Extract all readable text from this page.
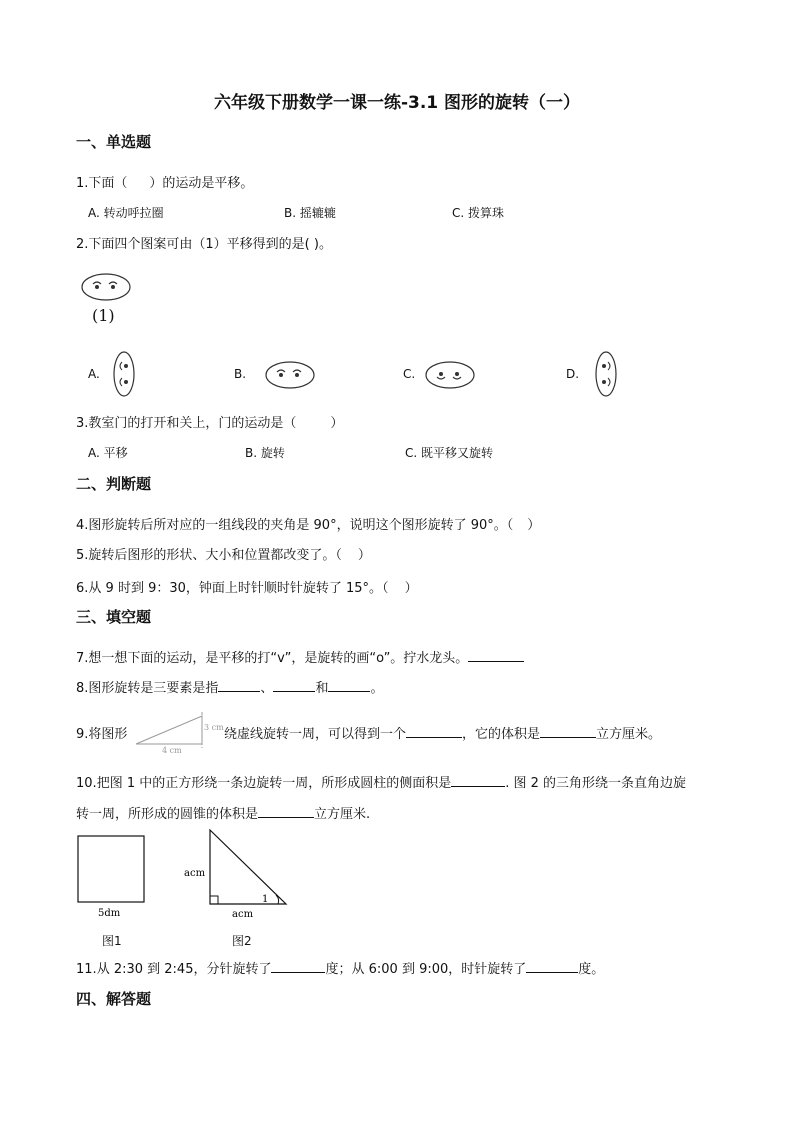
六年级下册数学一课一练-3.1 图形的旋转（一）
一、单选题
1.下面（ ）的运动是平移。
A. 转动呼拉圈	B. 摇辘辘	C. 拨算珠
2.下面四个图案可由（1）平移得到的是( )。
(1)
A.	B.	C.	D.
3.教室门的打开和关上，门的运动是（	）
A. 平移	B. 旋转	C. 既平移又旋转
二、判断题
4.图形旋转后所对应的一组线段的夹角是 90°，说明这个图形旋转了 90°。（ ）
5.旋转后图形的形状、大小和位置都改变了。（ ）
6.从 9 时到 9：30，钟面上时针顺时针旋转了 15°。（ ）
三、填空题
7.想一想下面的运动，是平移的打“v”，是旋转的画“o”。拧水龙头。
8.图形旋转是三要素是指	、	和	。
9.将图形	3 cm
4 cm
绕虚线旋转一周，可以得到一个	，它的体积是	立方厘米。
10.把图 1 中的正方形绕一条边旋转一周，所形成圆柱的侧面积是	. 图 2 的三角形绕一条直角边旋
转一周，所形成的圆锥的体积是	立方厘米.
5dm
图1
acm
acm
1
图2
11.从 2:30 到 2:45，分针旋转了	度；从 6:00 到 9:00，时针旋转了	度。
四、解答题
